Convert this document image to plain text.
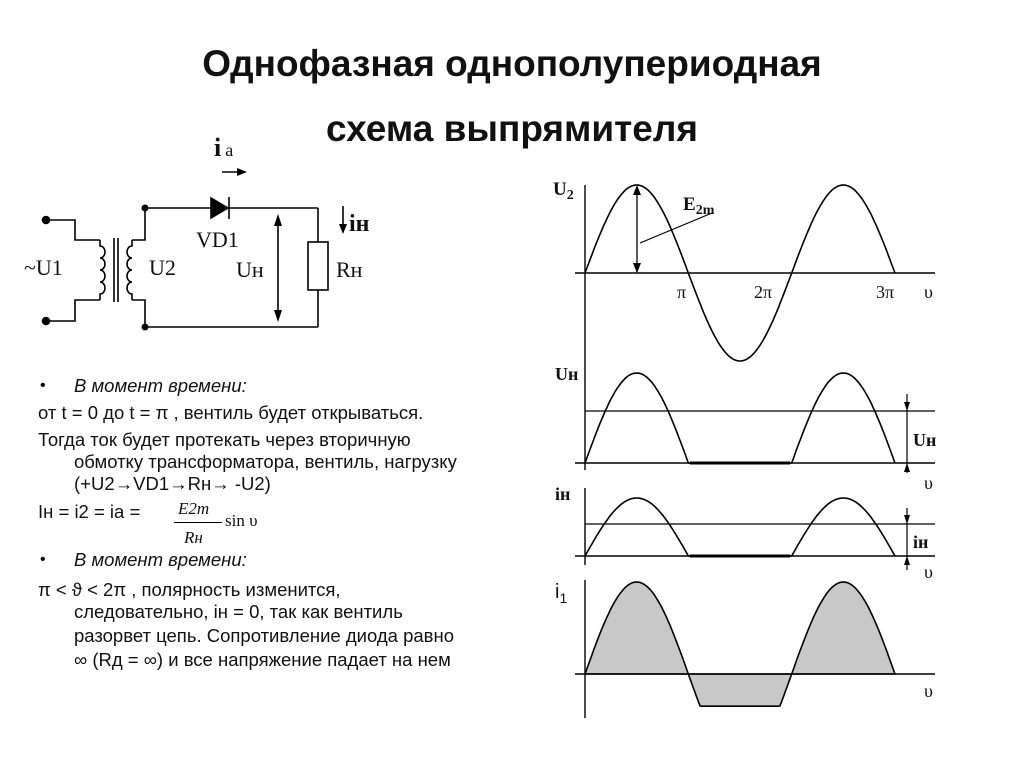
Однофазная однополупериодная
схема выпрямителя
i a
~U1	U2
VD1
Uн	Rн
iн
$U_2$	$E_{2m}$
π	2π	3π υ
Uн
Uн
υ
iн
iн
υ
$i_1$
υ
• В момент времени:
от t = 0 до t = π , вентиль будет открываться.
Тогда ток будет протекать через вторичную
обмотку трансформатора, вентиль, нагрузку
(+U2→VD1→Rн→ -U2)
Iн = i2 = ia = E2m
Rн
sin υ
• В момент времени:
π < ϑ < 2π , полярность изменится,
следовательно, iн = 0, так как вентиль
разорвет цепь. Сопротивление диода равно
∞ (Rд = ∞) и все напряжение падает на нем
